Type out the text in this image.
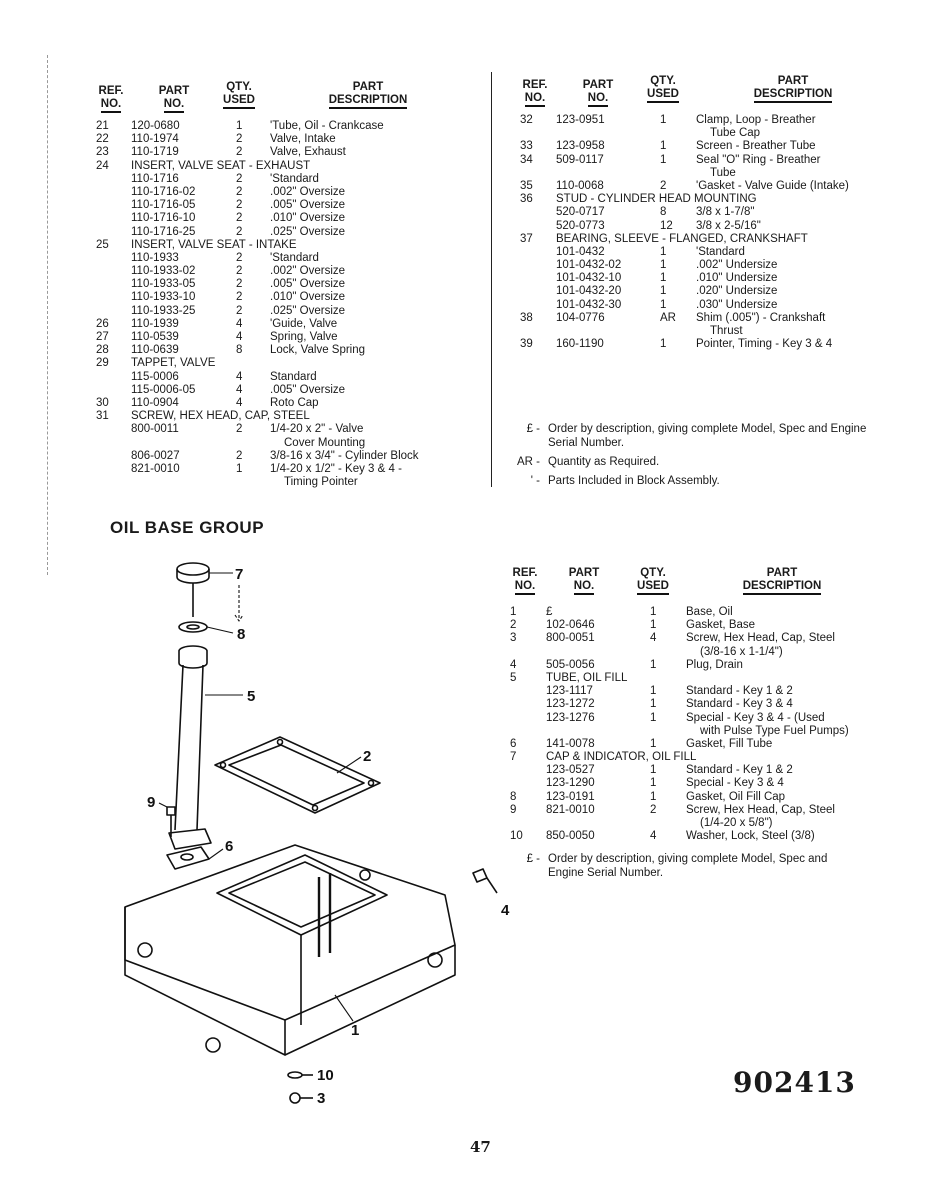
REF.
NO.
PART
NO.
QTY.
USED
PART
DESCRIPTION
21 120-0680	1 'Tube, Oil - Crankcase
22 110-1974	2 Valve, Intake
23 110-1719	2 Valve, Exhaust
24 INSERT, VALVE SEAT - EXHAUST
110-1716	2 'Standard
110-1716-02	2 .002" Oversize
110-1716-05	2 .005" Oversize
110-1716-10	2 .010" Oversize
110-1716-25	2 .025" Oversize
25 INSERT, VALVE SEAT - INTAKE
110-1933	2 'Standard
110-1933-02	2 .002" Oversize
110-1933-05	2 .005" Oversize
110-1933-10	2 .010" Oversize
110-1933-25	2 .025" Oversize
26 110-1939	4 'Guide, Valve
27 110-0539	4 Spring, Valve
28 110-0639	8 Lock, Valve Spring
29 TAPPET, VALVE
115-0006	4 Standard
115-0006-05	4 .005" Oversize
30 110-0904	4 Roto Cap
31 SCREW, HEX HEAD, CAP, STEEL
800-0011	2 1/4-20 x 2" - Valve
Cover Mounting
806-0027	2 3/8-16 x 3/4" - Cylinder Block
821-0010	1 1/4-20 x 1/2" - Key 3 & 4 -
Timing Pointer
REF.
NO.
PART
NO.
QTY.
USED
PART
DESCRIPTION
32 123-0951	1	Clamp, Loop - Breather
Tube Cap
33 123-0958	1	Screen - Breather Tube
34 509-0117	1	Seal "O" Ring - Breather
Tube
35 110-0068	2	'Gasket - Valve Guide (Intake)
36 STUD - CYLINDER HEAD MOUNTING
520-0717	8	3/8 x 1-7/8"
520-0773	12 3/8 x 2-5/16"
37 BEARING, SLEEVE - FLANGED, CRANKSHAFT
101-0432	1	'Standard
101-0432-02	1	.002" Undersize
101-0432-10	1	.010" Undersize
101-0432-20	1	.020" Undersize
101-0432-30	1	.030" Undersize
38 104-0776	AR Shim (.005") - Crankshaft
Thrust
39 160-1190	1	Pointer, Timing - Key 3 & 4
£ - Order by description, giving complete Model, Spec and Engine Serial Number.
AR - Quantity as Required.
' - Parts Included in Block Assembly.
OIL BASE GROUP
REF.
NO.
PART
NO.
QTY.
USED
PART
DESCRIPTION
1	£	1	Base, Oil
2	102-0646	1	Gasket, Base
3	800-0051	4	Screw, Hex Head, Cap, Steel
(3/8-16 x 1-1/4")
4	505-0056	1	Plug, Drain
5	TUBE, OIL FILL
123-1117	1	Standard - Key 1 & 2
123-1272	1	Standard - Key 3 & 4
123-1276	1	Special - Key 3 & 4 - (Used
with Pulse Type Fuel Pumps)
6	141-0078	1	Gasket, Fill Tube
7	CAP & INDICATOR, OIL FILL
123-0527	1	Standard - Key 1 & 2
123-1290	1	Special - Key 3 & 4
8	123-0191	1	Gasket, Oil Fill Cap
9	821-0010	2	Screw, Hex Head, Cap, Steel
(1/4-20 x 5/8")
10 850-0050	4	Washer, Lock, Steel (3/8)
£ - Order by description, giving complete Model, Spec and Engine Serial Number.
7
8
5
2
9
6
4
1
10
3	902413
47
